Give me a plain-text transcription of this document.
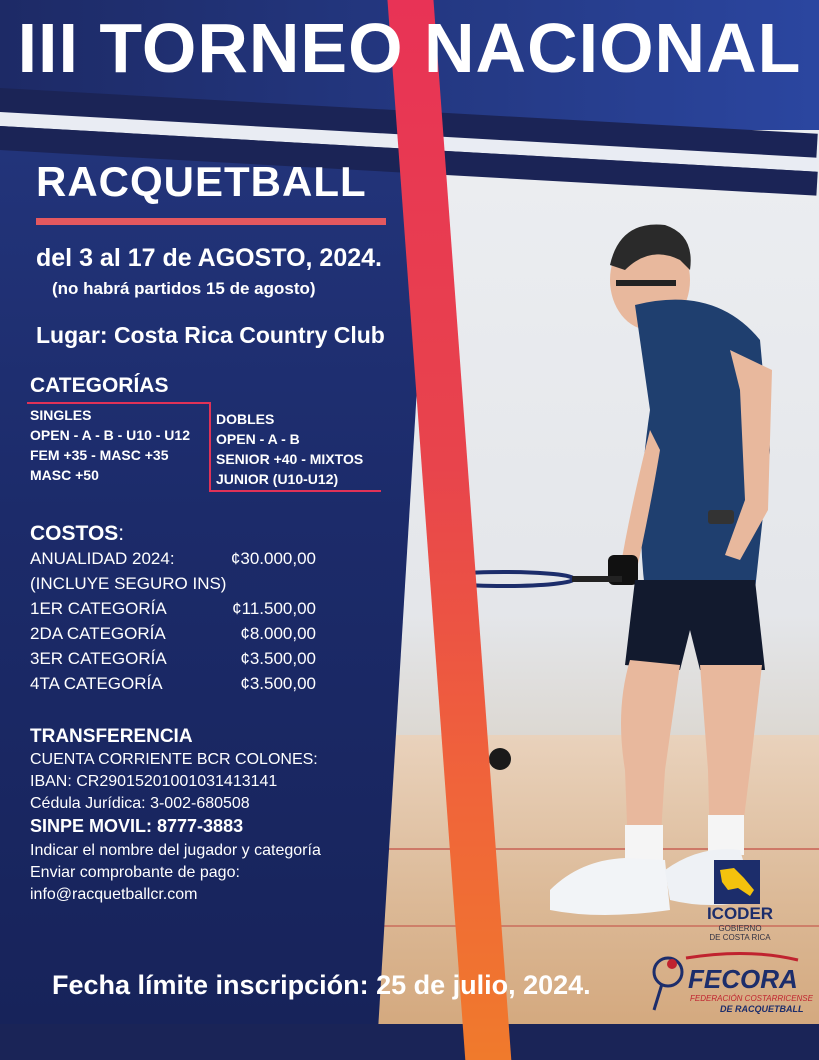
III TORNEO NACIONAL
RACQUETBALL
del 3 al 17 de AGOSTO, 2024.
(no habrá partidos 15 de agosto)
Lugar: Costa Rica Country Club
CATEGORÍAS
SINGLES
OPEN - A - B - U10 - U12
FEM +35 - MASC +35
MASC +50
DOBLES
OPEN - A - B
SENIOR +40 - MIXTOS
JUNIOR (U10-U12)
COSTOS:
ANUALIDAD 2024:	¢30.000,00
(INCLUYE SEGURO INS)
1ER CATEGORÍA	¢11.500,00
2DA CATEGORÍA	¢8.000,00
3ER CATEGORÍA	¢3.500,00
4TA CATEGORÍA	¢3.500,00
TRANSFERENCIA
CUENTA CORRIENTE BCR COLONES:
IBAN: CR29015201001031413141
Cédula Jurídica: 3-002-680508
SINPE MOVIL: 8777-3883
Indicar el nombre del jugador y categoría
Enviar comprobante de pago:
info@racquetballcr.com
Fecha límite inscripción: 25 de julio, 2024.
ICODER
GOBIERNO
DE COSTA RICA
FECORA
FEDERACIÓN COSTARRICENSE
DE RACQUETBALL
